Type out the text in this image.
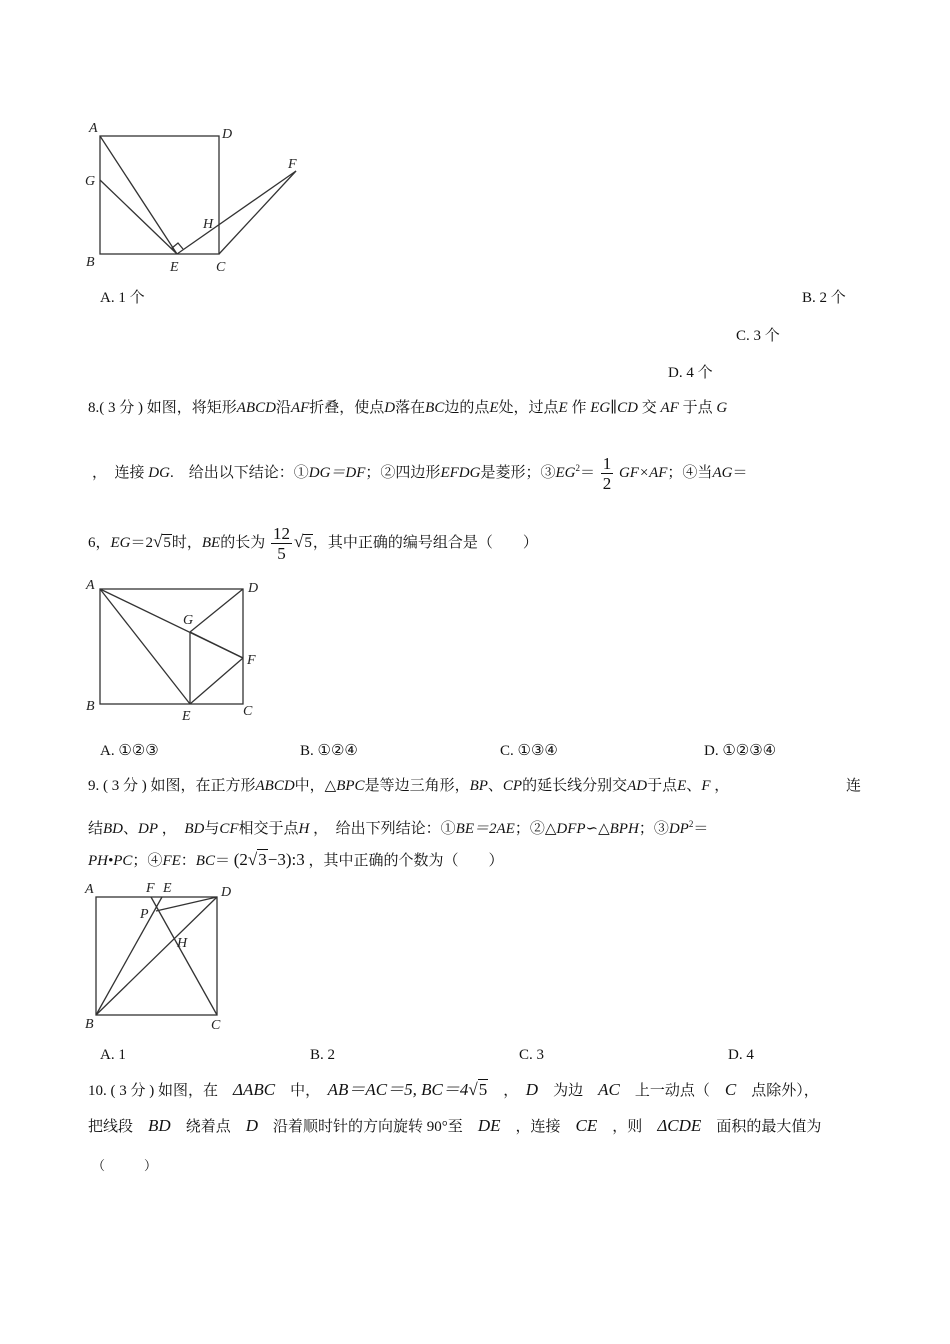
A	D
G
F
H
B	E	C
A. 1 个	B. 2 个
C. 3 个
D. 4 个
8.( 3 分 ) 如图，将矩形ABCD沿AF折叠，使点D落在BC边的点E处，过点E 作 EG∥CD 交 AF 于点 G
，　 连接 DG.　 给出以下结论：①DG＝DF；②四边形EFDG是菱形；$③EG^2= \frac{1}{2} GF\times AF$；④当AG＝
6，EG＝2√5时，BE的长为 $\frac{12}{5} √5$，其中正确的编号组合是（　　）
A	D
G
F
B
E	C
A. ①②③	B. ①②④	C. ①③④	D. ①②③④
9. ( 3 分 ) 如图，在正方形ABCD中，△BPC是等边三角形，BP、CP的延长线分别交AD于点E、F ，	连
结BD、DP ，　 BD与CF相交于点H ，　 给出下列结论：①BE＝2AE；②△DFP∽△BPH；$③DP^2=$
PH•PC；④FE：BC＝ (2√3−3):3 ，其中正确的个数为（　　）
A	F E	D
P
H
B	C
A. 1	B. 2	C. 3	D. 4
10. ( 3 分 ) 如图，在　 ΔABC　 中，　 AB＝AC＝5, BC＝4√5　 ，　 D　 为边　 AC　 上一动点（　 C　 点除外），
把线段　 BD　 绕着点　 D　 沿着顺时针的方向旋转 90°至　 DE　 ，连接　 CE　 ，则　 ΔCDE　 面积的最大值为
（　　　）
